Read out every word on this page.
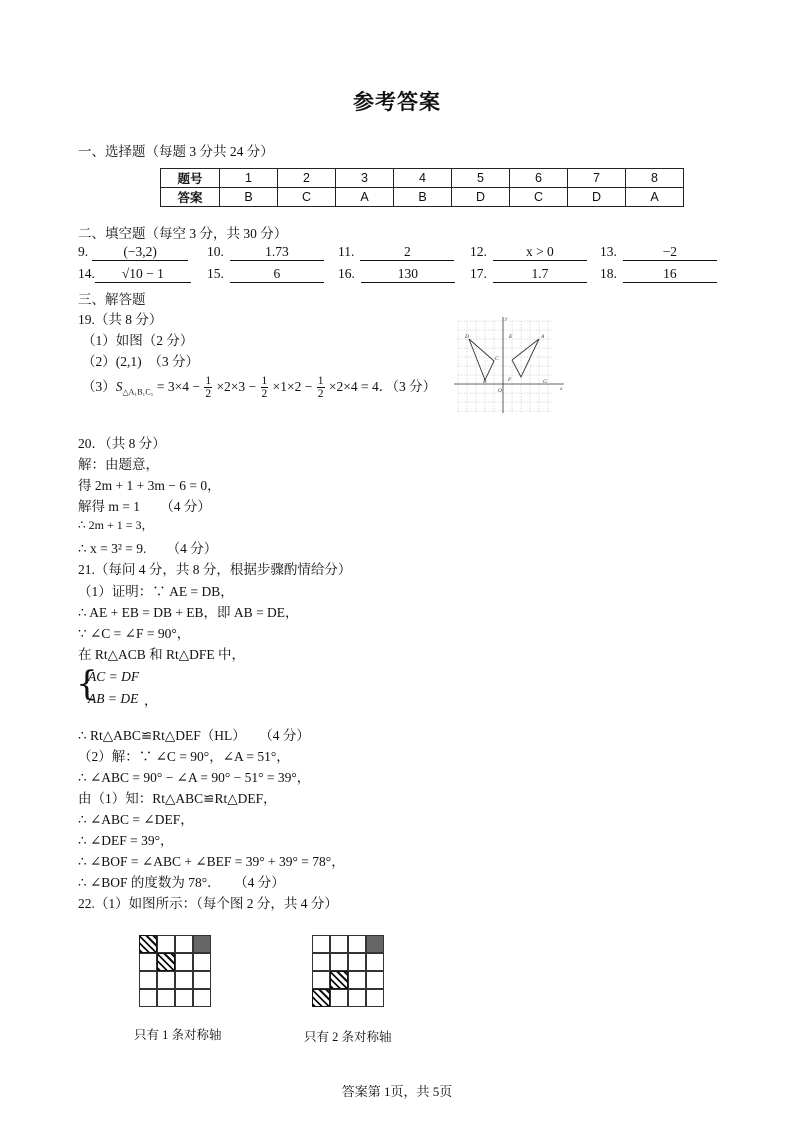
参考答案
一、选择题（每题 3 分共 24 分）
题号	1	2	3	4	5	6	7	8
答案	B	C	A	B	D	C	D	A
二、填空题（每空 3 分，共 30 分）
9.	(−3,2)	10.	1.73	11.	2	12.	x > 0	13.	−2
14. √10 − 1	15.	6	16.	130	17.	1.7	18.	16
三、解答题
19.（共 8 分）
（1）如图（2 分）
（2）(2,1)　（3 分）
$(3)S_{\triangle A_1B_1C_1} = 3\times 4 - \frac{1}{2} \times 2\times 3 - \frac{1}{2} \times 1\times 2 - \frac{1}{2} \times 2\times 4 = 4$．（3 分）
y
E	A
D
C
B	F	G
x
O
20．（共 8 分）
解：由题意，
得 2m + 1 + 3m − 6 = 0，
解得 m = 1　　（4 分）
∴ 2m + 1 = 3，
∴ x = 3² = 9.　　（4 分）
21.（每问 4 分，共 8 分，根据步骤酌情给分）
（1）证明：∵ AE = DB，
∴ AE + EB = DB + EB，即 AB = DE，
∵ ∠C = ∠F = 90°，
在 Rt△ACB 和 Rt△DFE 中，
{
AC = DF
AB = DE ，
∴ Rt△ABC≌Rt△DEF（HL）　　（4 分）
（2）解：∵ ∠C = 90°，∠A = 51°，
∴ ∠ABC = 90° − ∠A = 90° − 51° = 39°，
由（1）知：Rt△ABC≌Rt△DEF，
∴ ∠ABC = ∠DEF，
∴ ∠DEF = 39°，
∴ ∠BOF = ∠ABC + ∠BEF = 39° + 39° = 78°，
∴ ∠BOF 的度数为 78°．　　（4 分）
22.（1）如图所示：（每个图 2 分，共 4 分）
只有 1 条对称轴	只有 2 条对称轴
答案第 1页，共 5页
